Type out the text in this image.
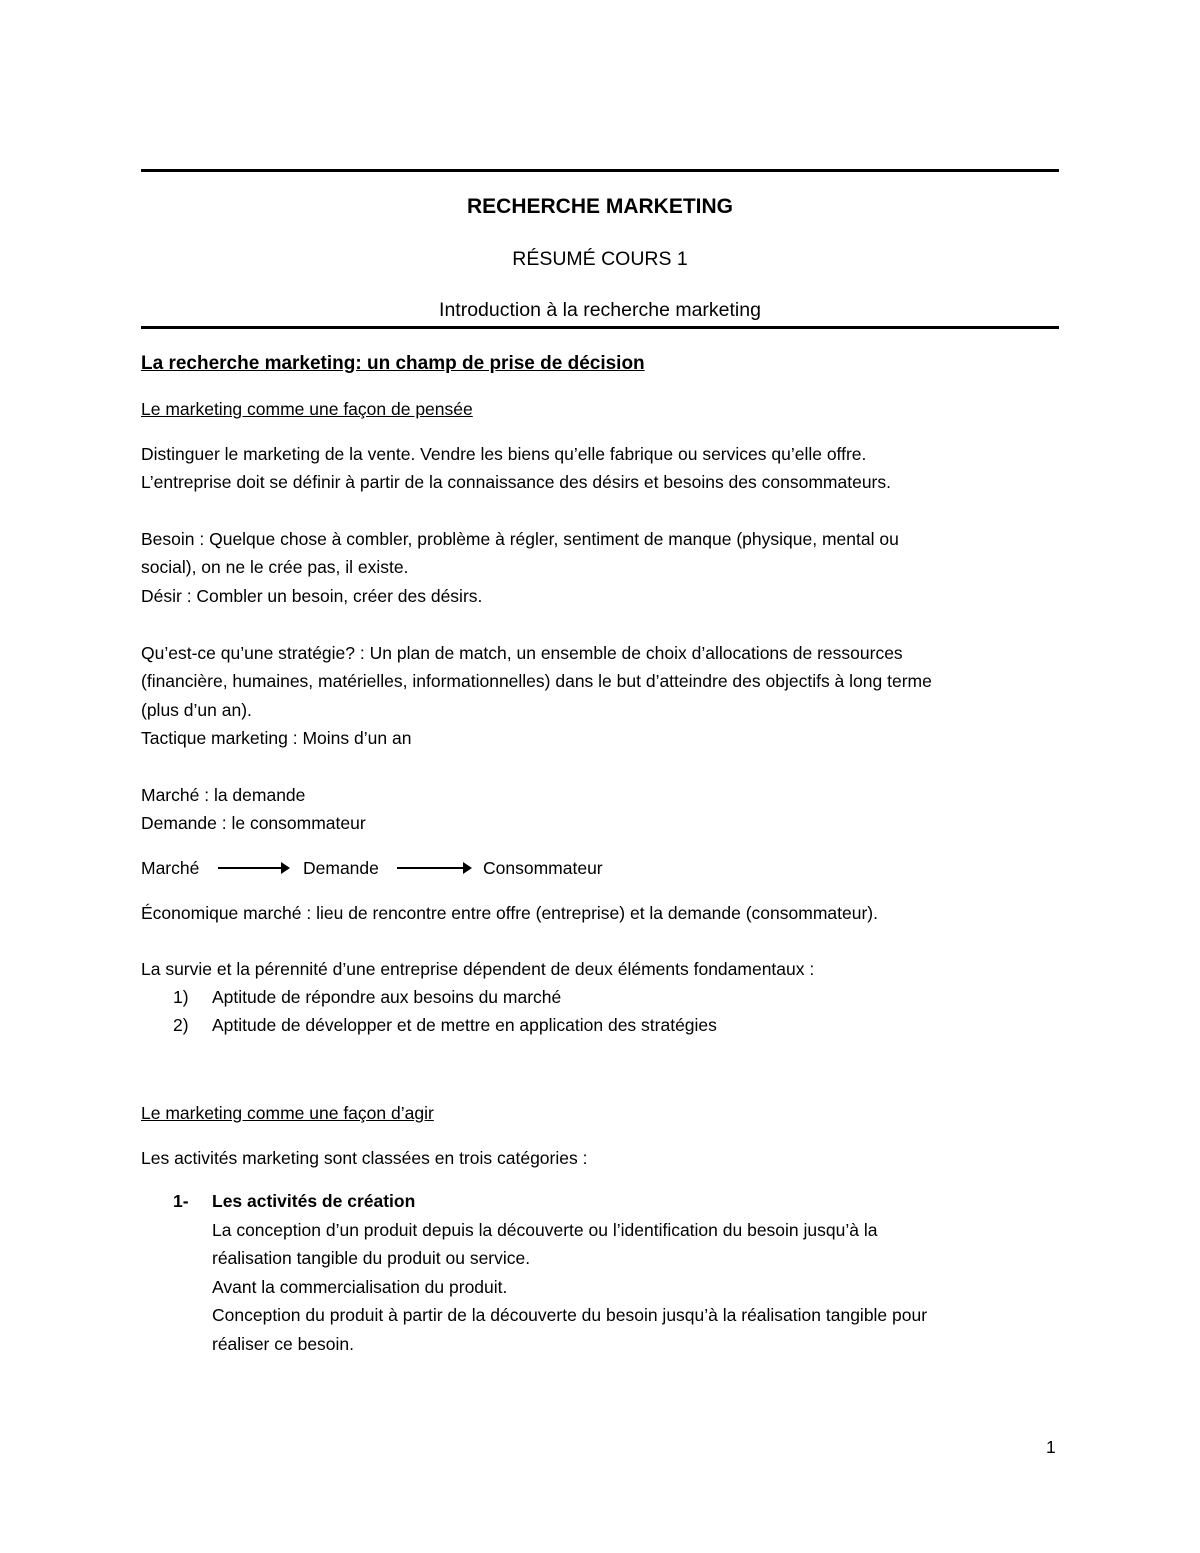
RECHERCHE MARKETING
RÉSUMÉ COURS 1
Introduction à la recherche marketing
La recherche marketing: un champ de prise de décision
Le marketing comme une façon de pensée
Distinguer le marketing de la vente. Vendre les biens qu’elle fabrique ou services qu’elle offre.
L’entreprise doit se définir à partir de la connaissance des désirs et besoins des consommateurs.
Besoin : Quelque chose à combler, problème à régler, sentiment de manque (physique, mental ou
social), on ne le crée pas, il existe.
Désir : Combler un besoin, créer des désirs.
Qu’est-ce qu’une stratégie? : Un plan de match, un ensemble de choix d’allocations de ressources
(financière, humaines, matérielles, informationnelles) dans le but d’atteindre des objectifs à long terme
(plus d’un an).
Tactique marketing : Moins d’un an
Marché : la demande
Demande : le consommateur
Marché	Demande	Consommateur
Économique marché : lieu de rencontre entre offre (entreprise) et la demande (consommateur).
La survie et la pérennité d’une entreprise dépendent de deux éléments fondamentaux :
1) Aptitude de répondre aux besoins du marché
2) Aptitude de développer et de mettre en application des stratégies
Le marketing comme une façon d’agir
Les activités marketing sont classées en trois catégories :
1- Les activités de création
La conception d’un produit depuis la découverte ou l’identification du besoin jusqu’à la
réalisation tangible du produit ou service.
Avant la commercialisation du produit.
Conception du produit à partir de la découverte du besoin jusqu’à la réalisation tangible pour
réaliser ce besoin.
1
